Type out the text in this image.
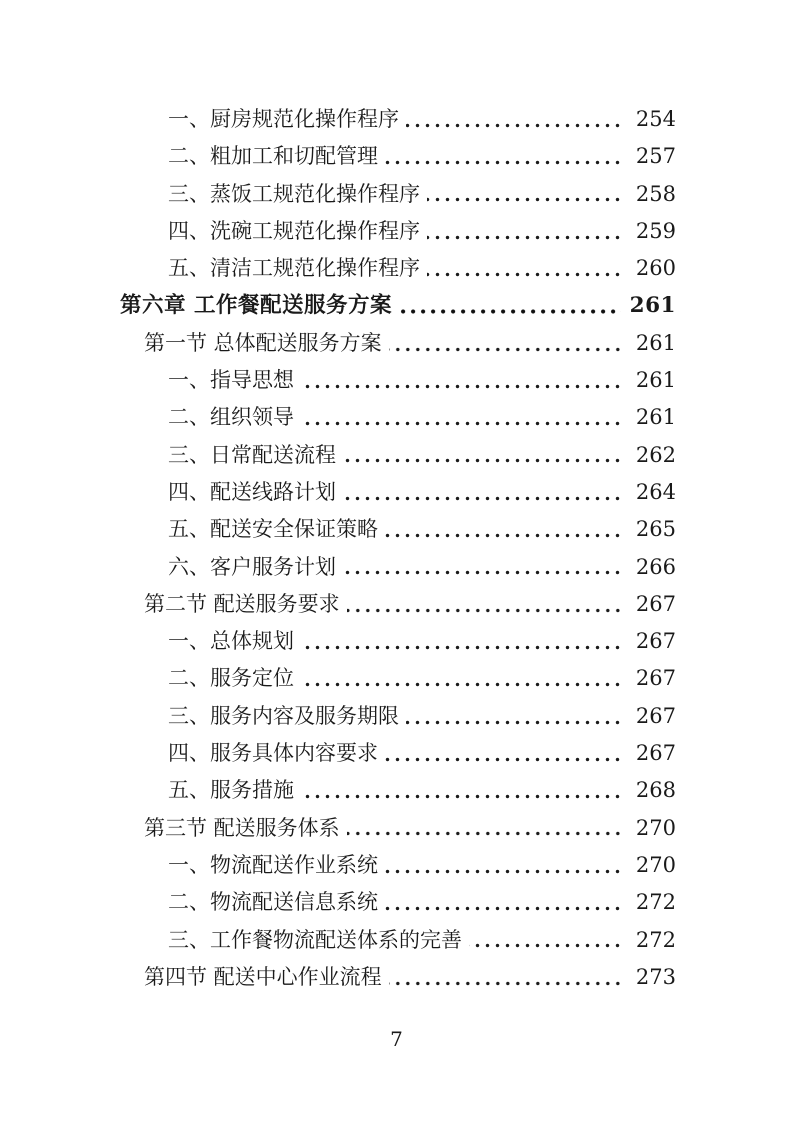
一、厨房规范化操作程序	254
二、粗加工和切配管理	257
三、蒸饭工规范化操作程序	258
四、洗碗工规范化操作程序	259
五、清洁工规范化操作程序	260
第六章 工作餐配送服务方案	261
第一节 总体配送服务方案	261
一、指导思想	261
二、组织领导	261
三、日常配送流程	262
四、配送线路计划	264
五、配送安全保证策略	265
六、客户服务计划	266
第二节 配送服务要求	267
一、总体规划	267
二、服务定位	267
三、服务内容及服务期限	267
四、服务具体内容要求	267
五、服务措施	268
第三节 配送服务体系	270
一、物流配送作业系统	270
二、物流配送信息系统	272
三、工作餐物流配送体系的完善	272
第四节 配送中心作业流程	273
7
